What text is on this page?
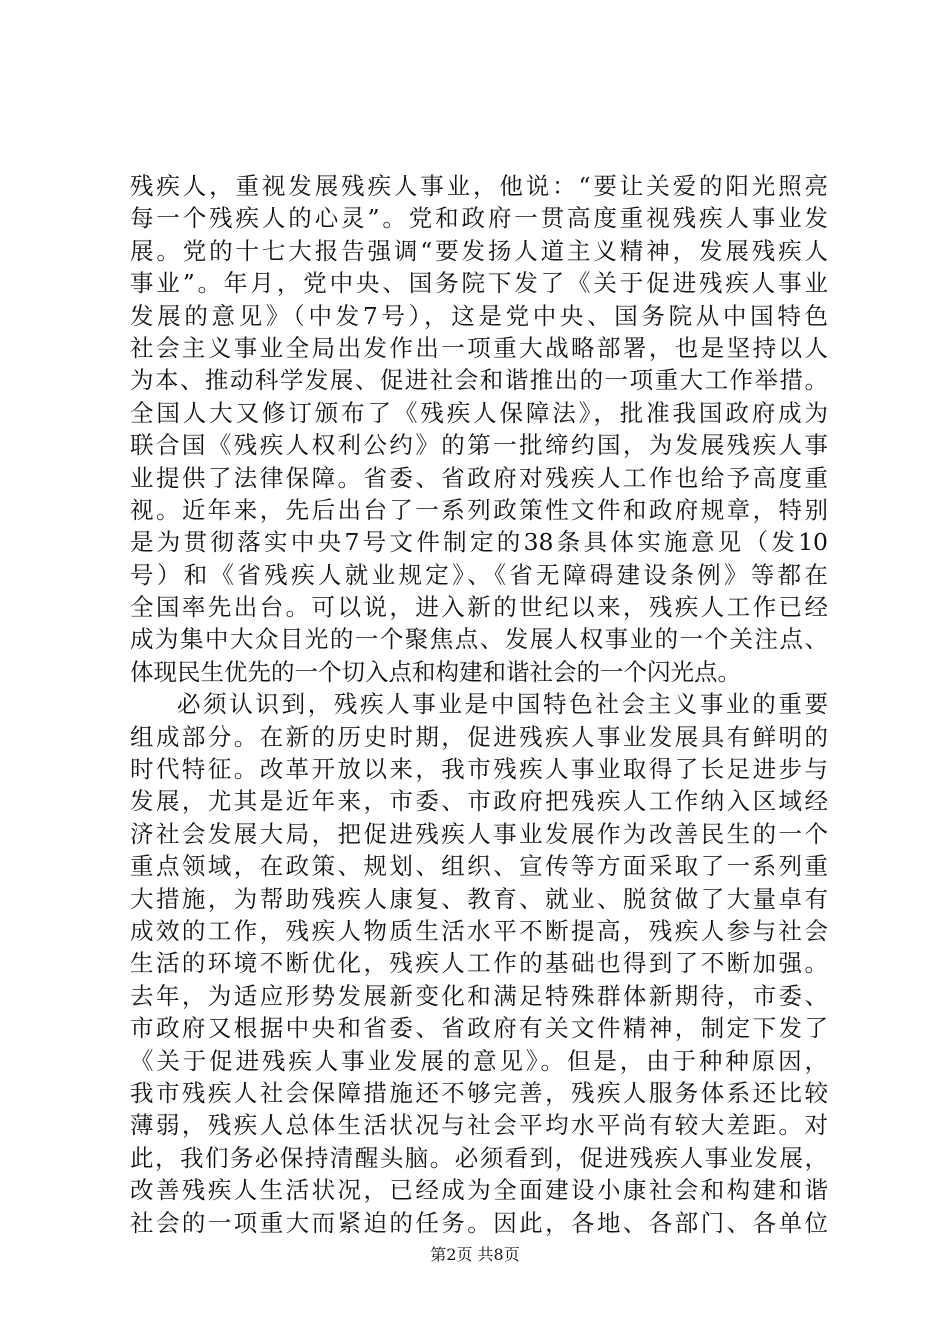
残疾人，重视发展残疾人事业，他说：“要让关爱的阳光照亮
每一个残疾人的心灵”。党和政府一贯高度重视残疾人事业发
展。党的十七大报告强调“要发扬人道主义精神，发展残疾人
事业”。年月，党中央、国务院下发了《关于促进残疾人事业
发展的意见》（中发7号），这是党中央、国务院从中国特色
社会主义事业全局出发作出一项重大战略部署，也是坚持以人
为本、推动科学发展、促进社会和谐推出的一项重大工作举措。
全国人大又修订颁布了《残疾人保障法》，批准我国政府成为
联合国《残疾人权利公约》的第一批缔约国，为发展残疾人事
业提供了法律保障。省委、省政府对残疾人工作也给予高度重
视。近年来，先后出台了一系列政策性文件和政府规章，特别
是为贯彻落实中央7号文件制定的38条具体实施意见（发10
号）和《省残疾人就业规定》、《省无障碍建设条例》等都在
全国率先出台。可以说，进入新的世纪以来，残疾人工作已经
成为集中大众目光的一个聚焦点、发展人权事业的一个关注点、
体现民生优先的一个切入点和构建和谐社会的一个闪光点。
必须认识到，残疾人事业是中国特色社会主义事业的重要
组成部分。在新的历史时期，促进残疾人事业发展具有鲜明的
时代特征。改革开放以来，我市残疾人事业取得了长足进步与
发展，尤其是近年来，市委、市政府把残疾人工作纳入区域经
济社会发展大局，把促进残疾人事业发展作为改善民生的一个
重点领域，在政策、规划、组织、宣传等方面采取了一系列重
大措施，为帮助残疾人康复、教育、就业、脱贫做了大量卓有
成效的工作，残疾人物质生活水平不断提高，残疾人参与社会
生活的环境不断优化，残疾人工作的基础也得到了不断加强。
去年，为适应形势发展新变化和满足特殊群体新期待，市委、
市政府又根据中央和省委、省政府有关文件精神，制定下发了
《关于促进残疾人事业发展的意见》。但是，由于种种原因，
我市残疾人社会保障措施还不够完善，残疾人服务体系还比较
薄弱，残疾人总体生活状况与社会平均水平尚有较大差距。对
此，我们务必保持清醒头脑。必须看到，促进残疾人事业发展，
改善残疾人生活状况，已经成为全面建设小康社会和构建和谐
社会的一项重大而紧迫的任务。因此，各地、各部门、各单位
第2页 共8页
